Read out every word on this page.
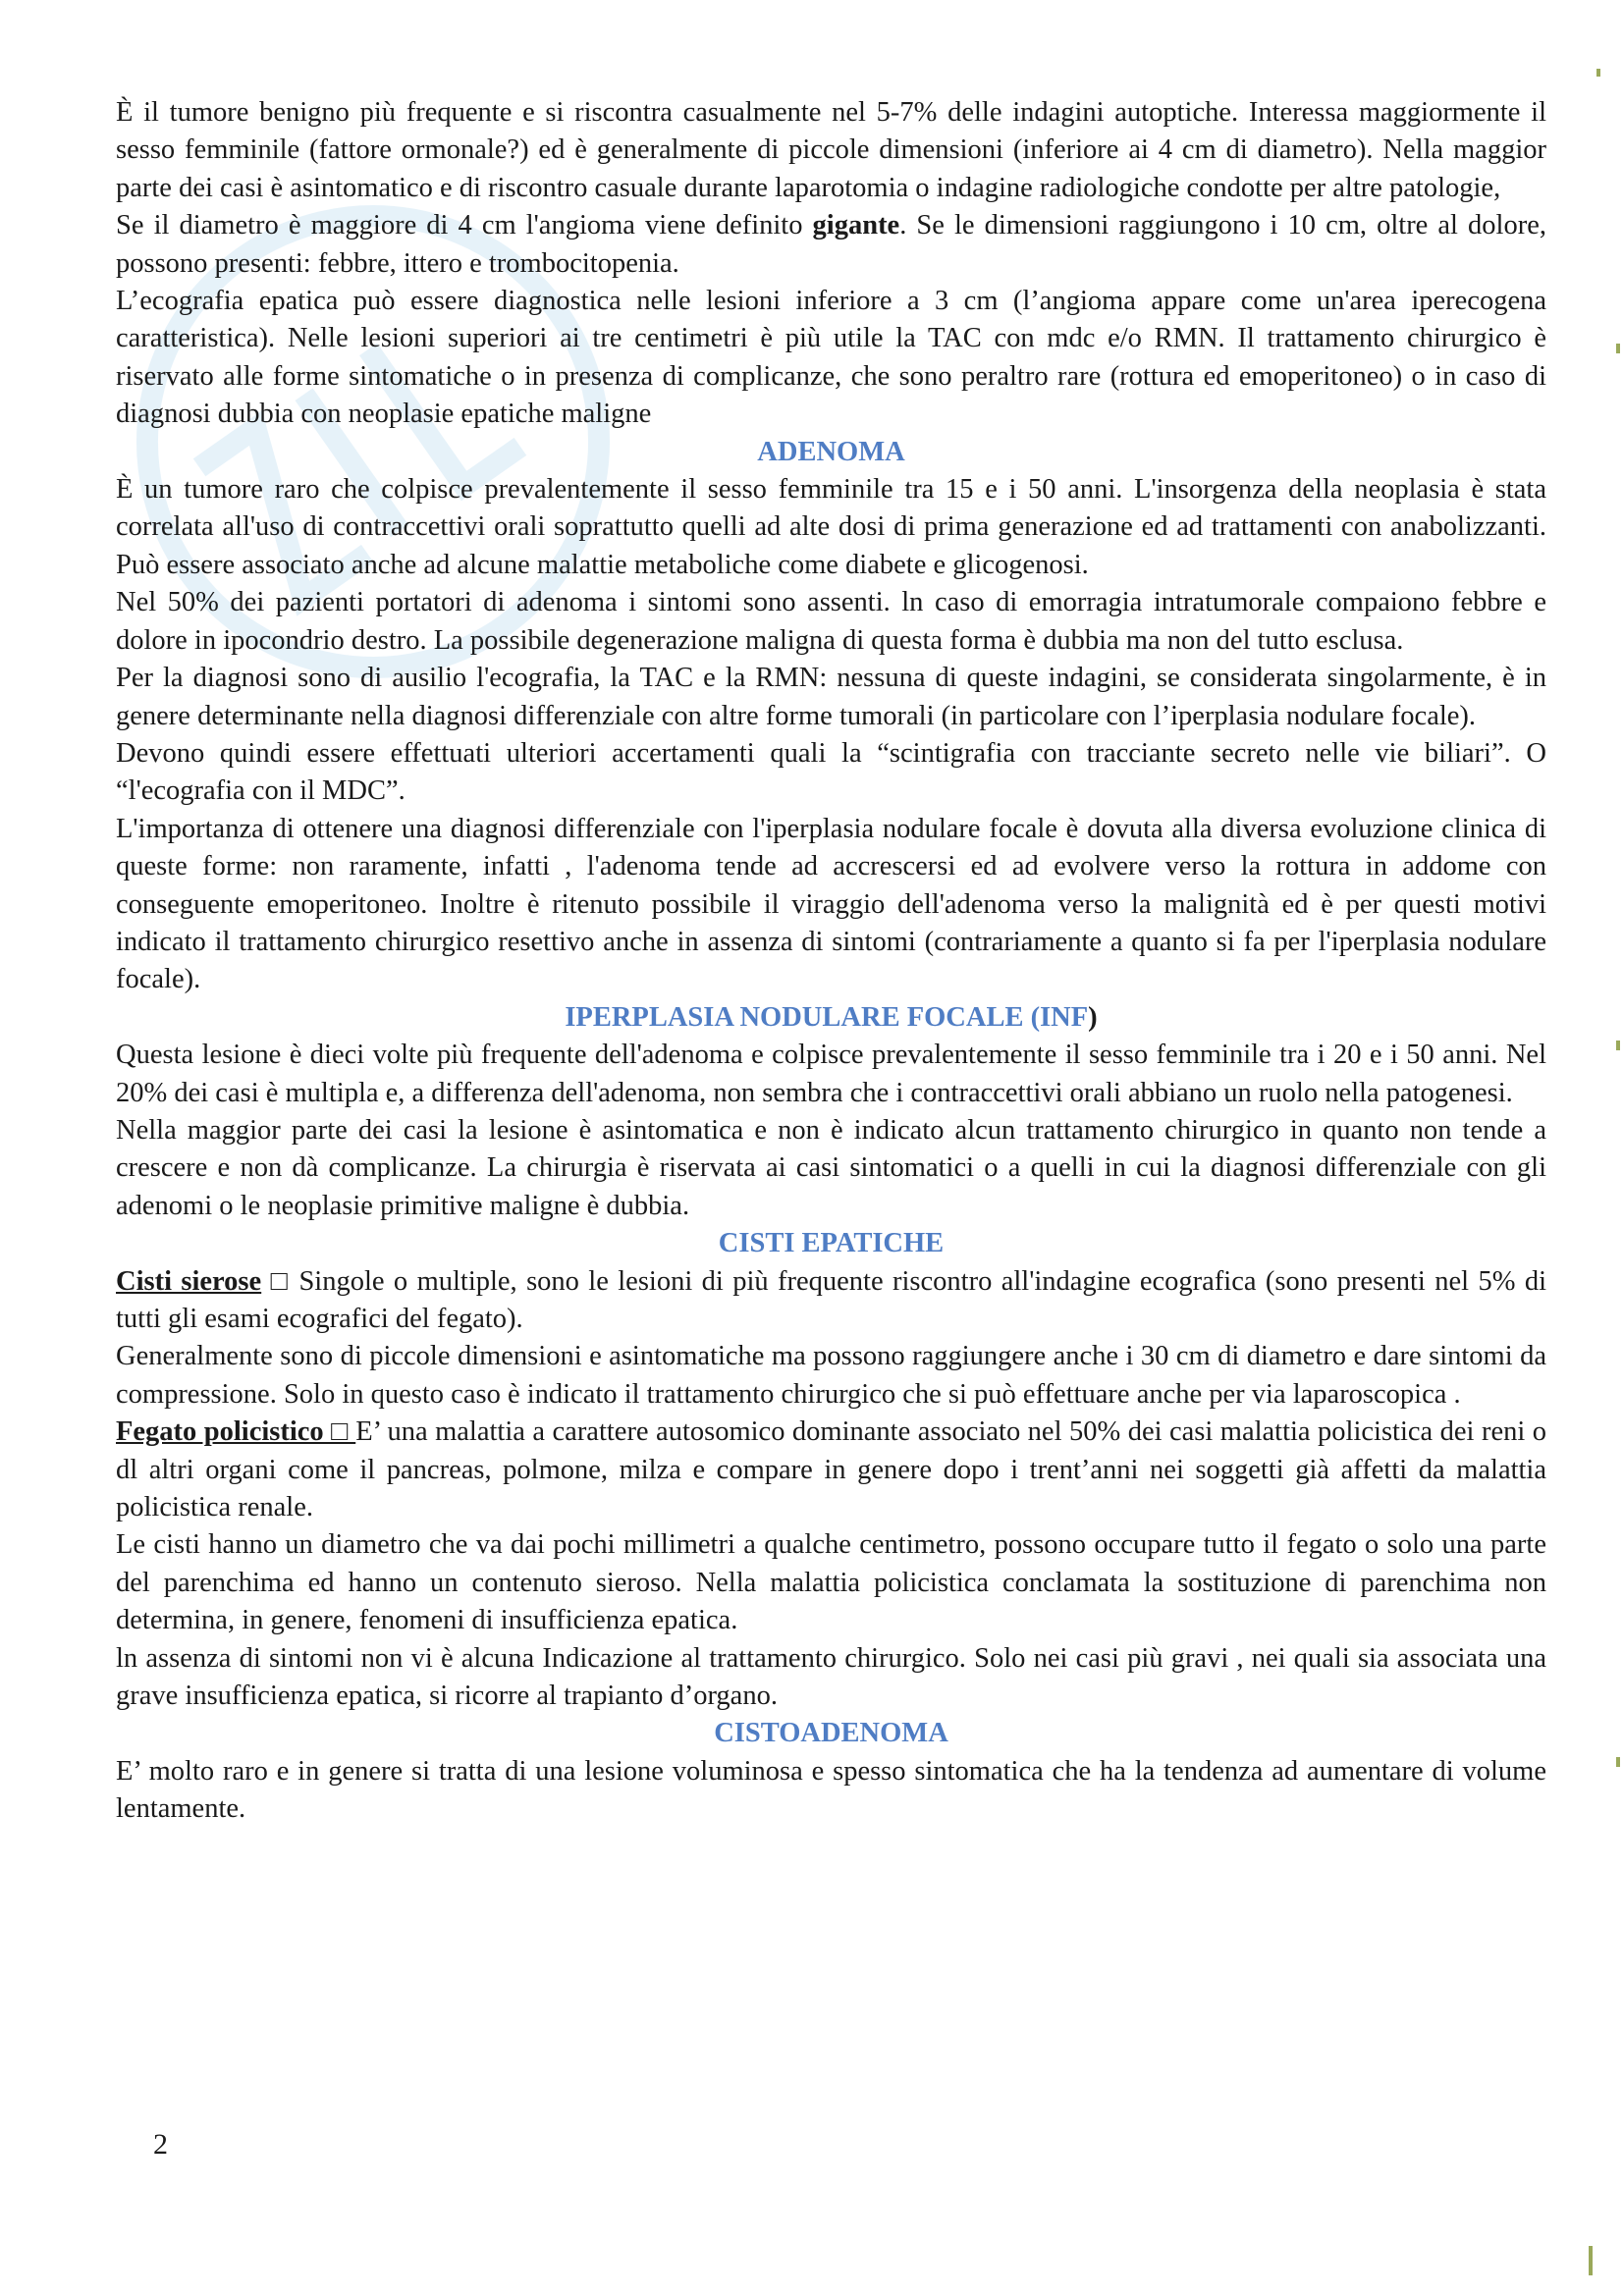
È il tumore benigno più frequente e si riscontra casualmente nel 5-7% delle indagini autoptiche. Interessa maggiormente il sesso femminile (fattore ormonale?) ed è generalmente di piccole dimensioni (inferiore ai 4 cm di diametro). Nella maggior parte dei casi è asintomatico e di riscontro casuale durante laparotomia o indagine radiologiche condotte per altre patologie,

Se il diametro è maggiore di 4 cm l'angioma viene definito gigante. Se le dimensioni raggiungono i 10 cm, oltre al dolore, possono presenti: febbre, ittero e trombocitopenia.

L’ecografia epatica può essere diagnostica nelle lesioni inferiore a 3 cm (l’angioma appare come un'area iperecogena caratteristica). Nelle lesioni superiori ai tre centimetri è più utile la TAC con mdc e/o RMN. Il trattamento chirurgico è riservato alle forme sintomatiche o in presenza di complicanze, che sono peraltro rare (rottura ed emoperitoneo) o in caso di diagnosi dubbia con neoplasie epatiche maligne

ADENOMA

È un tumore raro che colpisce prevalentemente il sesso femminile tra 15 e i 50 anni. L'insorgenza della neoplasia è stata correlata all'uso di contraccettivi orali soprattutto quelli ad alte dosi di prima generazione ed ad trattamenti con anabolizzanti. Può essere associato anche ad alcune malattie metaboliche come diabete e glicogenosi.

Nel 50% dei pazienti portatori di adenoma i sintomi sono assenti. ln caso di emorragia intratumorale compaiono febbre e dolore in ipocondrio destro. La possibile degenerazione maligna di questa forma è dubbia ma non del tutto esclusa.

Per la diagnosi sono di ausilio l'ecografia, la TAC e la RMN: nessuna di queste indagini, se considerata singolarmente, è in genere determinante nella diagnosi differenziale con altre forme tumorali (in particolare con l’iperplasia nodulare focale).

Devono quindi essere effettuati ulteriori accertamenti quali la “scintigrafia con tracciante secreto nelle vie biliari”. O “l'ecografia con il MDC”.

L'importanza di ottenere una diagnosi differenziale con l'iperplasia nodulare focale è dovuta alla diversa evoluzione clinica di queste forme: non raramente, infatti , l'adenoma tende ad accrescersi ed ad evolvere verso la rottura in addome con conseguente emoperitoneo. Inoltre è ritenuto possibile il viraggio dell'adenoma verso la malignità ed è per questi motivi indicato il trattamento chirurgico resettivo anche in assenza di sintomi (contrariamente a quanto si fa per l'iperplasia nodulare focale).

IPERPLASIA NODULARE FOCALE (INF)

Questa lesione è dieci volte più frequente dell'adenoma e colpisce prevalentemente il sesso femminile tra i 20 e i 50 anni. Nel 20% dei casi è multipla e, a differenza dell'adenoma, non sembra che i contraccettivi orali abbiano un ruolo nella patogenesi.

Nella maggior parte dei casi la lesione è asintomatica e non è indicato alcun trattamento chirurgico in quanto non tende a crescere e non dà complicanze. La chirurgia è riservata ai casi sintomatici o a quelli in cui la diagnosi differenziale con gli adenomi o le neoplasie primitive maligne è dubbia.

CISTI EPATICHE

Cisti sierose □ Singole o multiple, sono le lesioni di più frequente riscontro all'indagine ecografica (sono presenti nel 5% di tutti gli esami ecografici del fegato).

Generalmente sono di piccole dimensioni e asintomatiche ma possono raggiungere anche i 30 cm di diametro e dare sintomi da compressione. Solo in questo caso è indicato il trattamento chirurgico che si può effettuare anche per via laparoscopica .

Fegato policistico □ E’ una malattia a carattere autosomico dominante associato nel 50% dei casi malattia policistica dei reni o dl altri organi come il pancreas, polmone, milza e compare in genere dopo i trent’anni nei soggetti già affetti da malattia policistica renale.

Le cisti hanno un diametro che va dai pochi millimetri a qualche centimetro, possono occupare tutto il fegato o solo una parte del parenchima ed hanno un contenuto sieroso. Nella malattia policistica conclamata la sostituzione di parenchima non determina, in genere, fenomeni di insufficienza epatica.

ln assenza di sintomi non vi è alcuna Indicazione al trattamento chirurgico. Solo nei casi più gravi , nei quali sia associata una grave insufficienza epatica, si ricorre al trapianto d’organo.

CISTOADENOMA

E’ molto raro e in genere si tratta di una lesione voluminosa e spesso sintomatica che ha la tendenza ad aumentare di volume lentamente.

2
